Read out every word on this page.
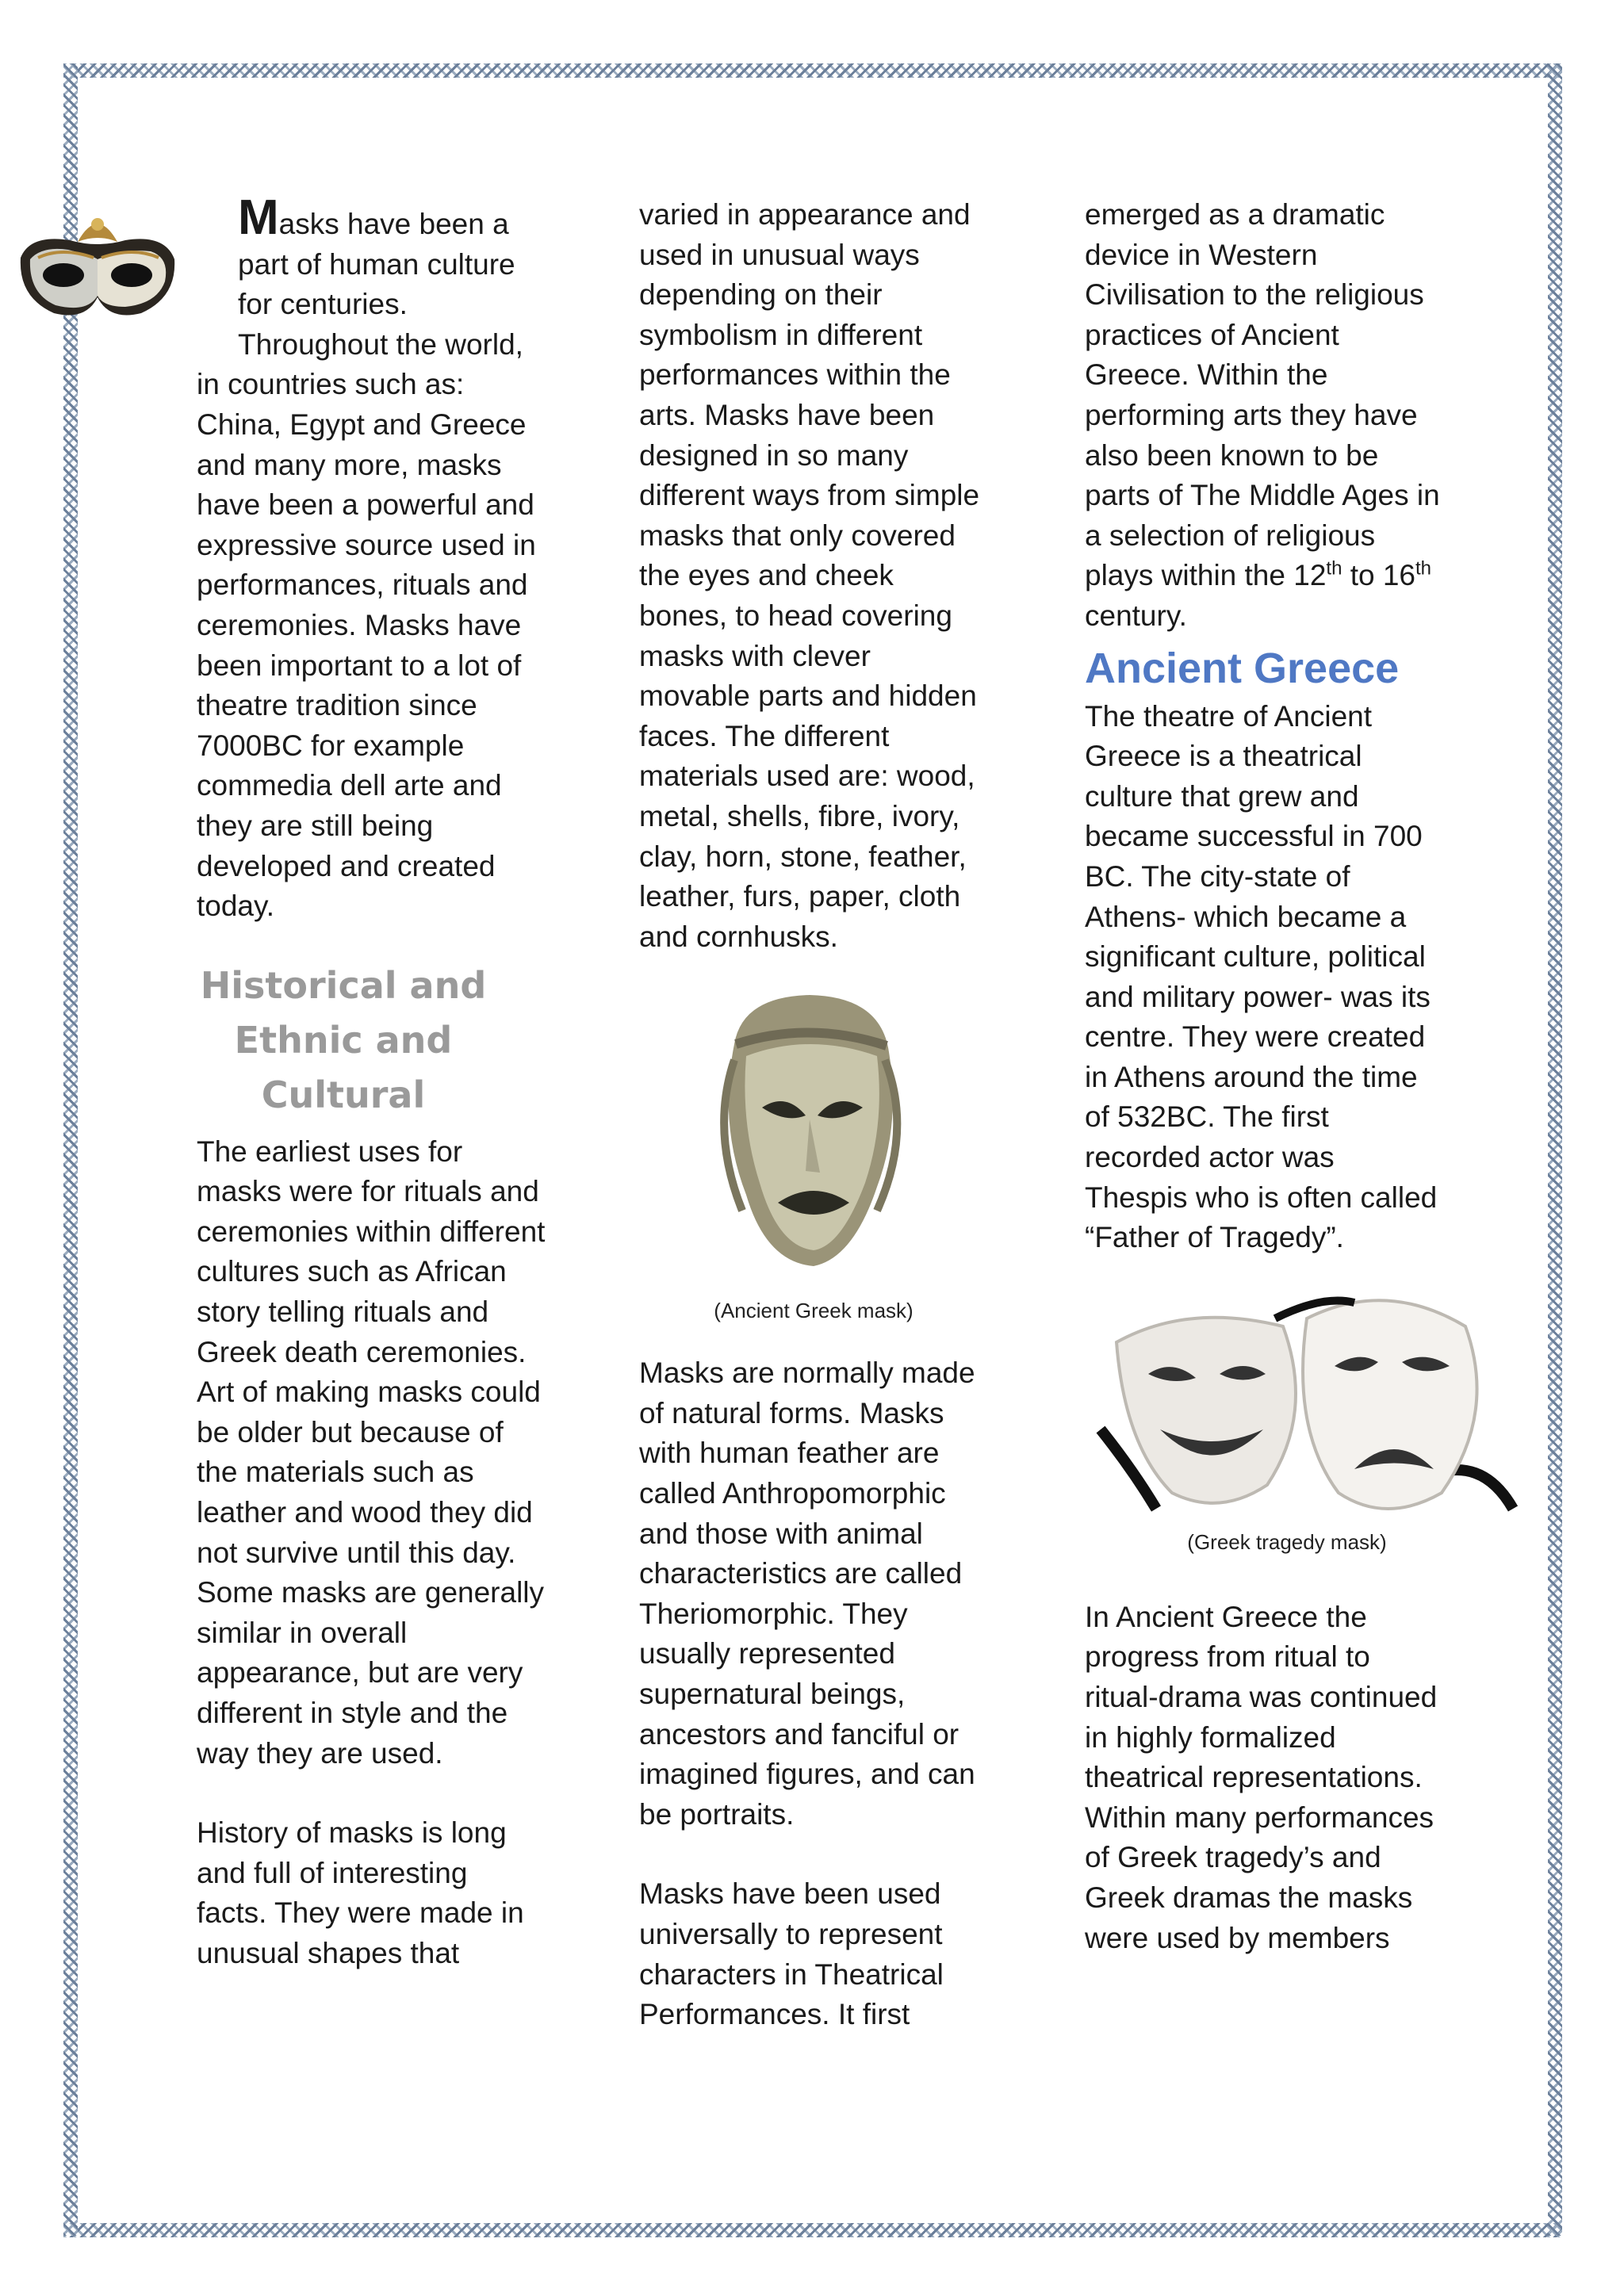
Masks have been a part of human culture for centuries.

Throughout the world, in countries such as: China, Egypt and Greece and many more, masks have been a powerful and expressive source used in performances, rituals and ceremonies. Masks have been important to a lot of theatre tradition since 7000BC for example commedia dell arte and they are still being developed and created today.

Historical and Ethnic and Cultural

The earliest uses for masks were for rituals and ceremonies within different cultures such as African story telling rituals and Greek death ceremonies. Art of making masks could be older but because of the materials such as leather and wood they did not survive until this day. Some masks are generally similar in overall appearance, but are very different in style and the way they are used.

History of masks is long and full of interesting facts. They were made in unusual shapes that

varied in appearance and used in unusual ways depending on their symbolism in different performances within the arts. Masks have been designed in so many different ways from simple masks that only covered the eyes and cheek bones, to head covering masks with clever movable parts and hidden faces. The different materials used are: wood, metal, shells, fibre, ivory, clay, horn, stone, feather, leather, furs, paper, cloth and cornhusks.

(Ancient Greek mask)

Masks are normally made of natural forms. Masks with human feather are called Anthropomorphic and those with animal characteristics are called Theriomorphic. They usually represented supernatural beings, ancestors and fanciful or imagined figures, and can be portraits.

Masks have been used universally to represent characters in Theatrical Performances. It first

emerged as a dramatic device in Western Civilisation to the religious practices of Ancient Greece. Within the performing arts they have also been known to be parts of The Middle Ages in a selection of religious plays within the 12th to 16th century.

Ancient Greece

The theatre of Ancient Greece is a theatrical culture that grew and became successful in 700 BC. The city-state of Athens- which became a significant culture, political and military power- was its centre. They were created in Athens around the time of 532BC. The first recorded actor was Thespis who is often called “Father of Tragedy”.

(Greek tragedy mask)

In Ancient Greece the progress from ritual to ritual-drama was continued in highly formalized theatrical representations. Within many performances of Greek tragedy’s and Greek dramas the masks were used by members
